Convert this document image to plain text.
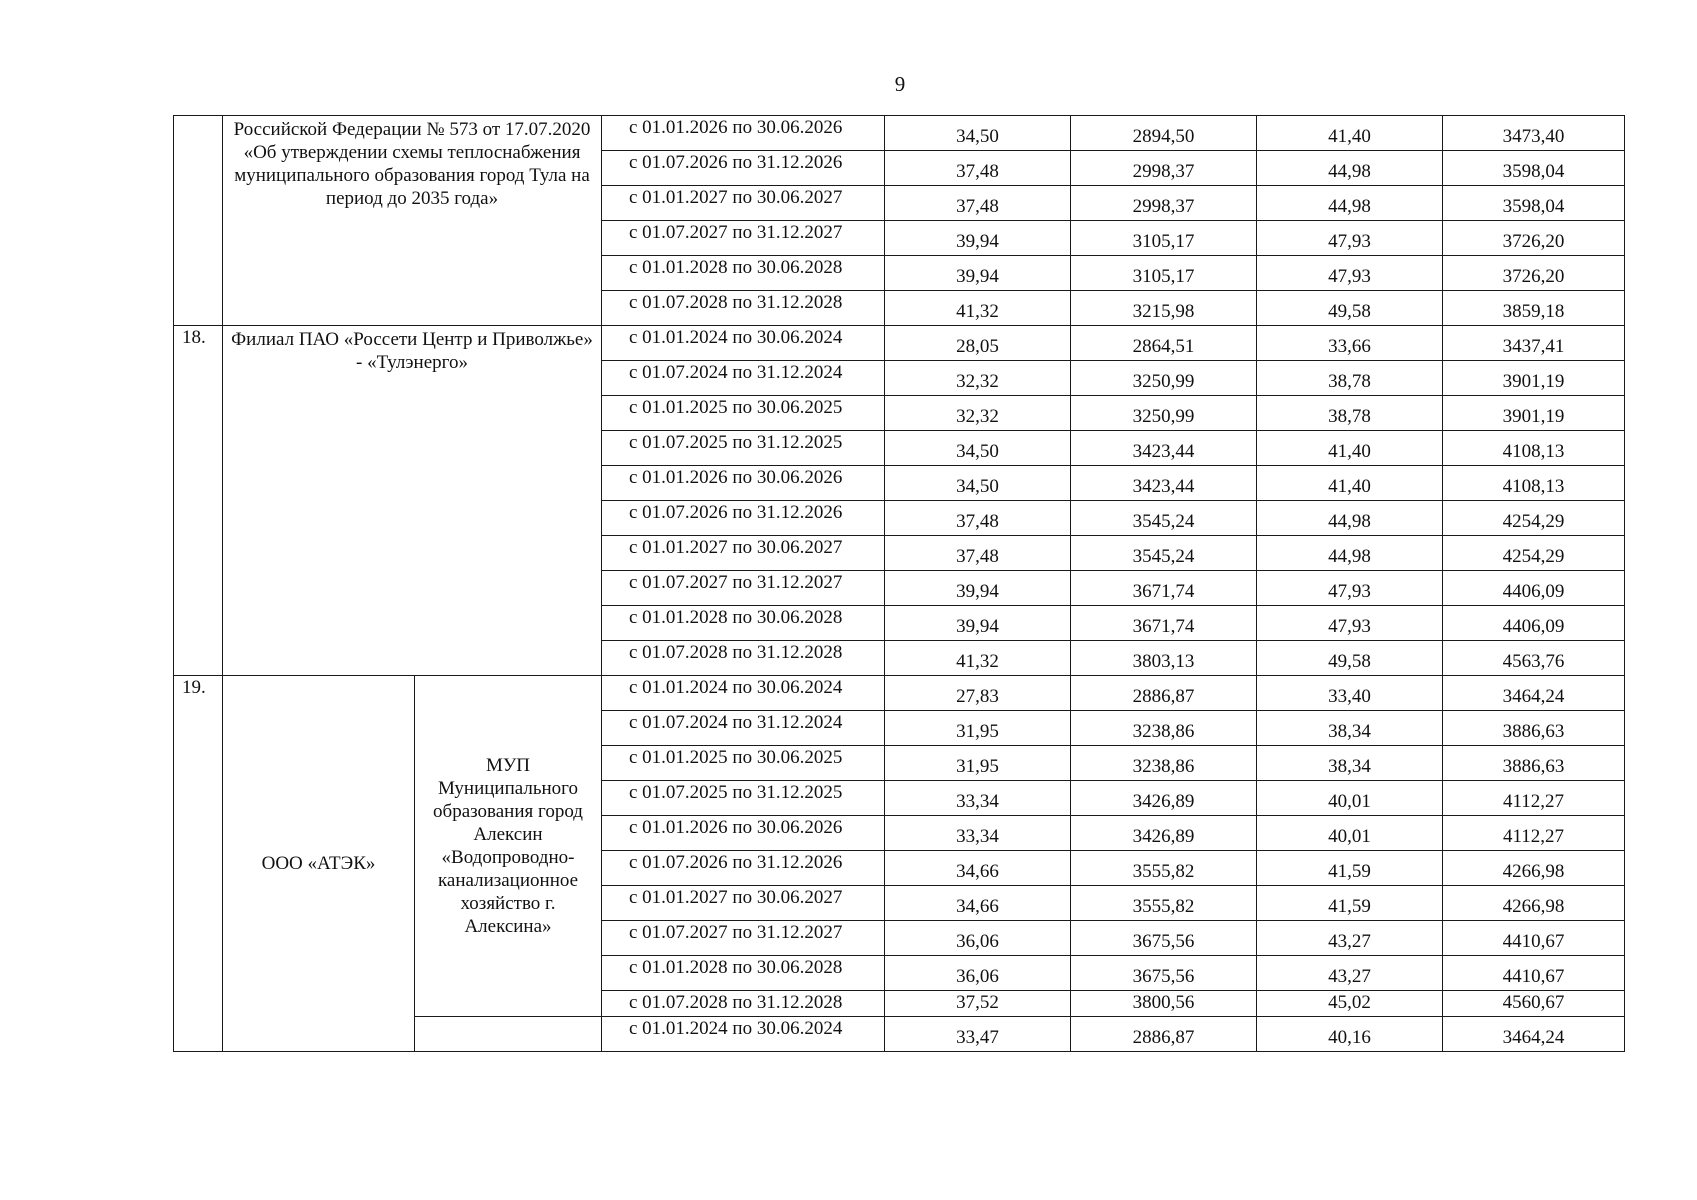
9

	Российской Федерации № 573 от 17.07.2020 «Об утверждении схемы теплоснабжения муниципального образования город Тула на период до 2035 года»		с 01.01.2026 по 30.06.2026	34,50	2894,50	41,40	3473,40
			с 01.07.2026 по 31.12.2026	37,48	2998,37	44,98	3598,04
			с 01.01.2027 по 30.06.2027	37,48	2998,37	44,98	3598,04
			с 01.07.2027 по 31.12.2027	39,94	3105,17	47,93	3726,20
			с 01.01.2028 по 30.06.2028	39,94	3105,17	47,93	3726,20
			с 01.07.2028 по 31.12.2028	41,32	3215,98	49,58	3859,18
18.	Филиал ПАО «Россети Центр и Приволжье» - «Тулэнерго»		с 01.01.2024 по 30.06.2024	28,05	2864,51	33,66	3437,41
			с 01.07.2024 по 31.12.2024	32,32	3250,99	38,78	3901,19
			с 01.01.2025 по 30.06.2025	32,32	3250,99	38,78	3901,19
			с 01.07.2025 по 31.12.2025	34,50	3423,44	41,40	4108,13
			с 01.01.2026 по 30.06.2026	34,50	3423,44	41,40	4108,13
			с 01.07.2026 по 31.12.2026	37,48	3545,24	44,98	4254,29
			с 01.01.2027 по 30.06.2027	37,48	3545,24	44,98	4254,29
			с 01.07.2027 по 31.12.2027	39,94	3671,74	47,93	4406,09
			с 01.01.2028 по 30.06.2028	39,94	3671,74	47,93	4406,09
			с 01.07.2028 по 31.12.2028	41,32	3803,13	49,58	4563,76
19.	ООО «АТЭК»	МУП Муниципального образования город Алексин «Водопроводно-канализационное хозяйство г. Алексина»	с 01.01.2024 по 30.06.2024	27,83	2886,87	33,40	3464,24
			с 01.07.2024 по 31.12.2024	31,95	3238,86	38,34	3886,63
			с 01.01.2025 по 30.06.2025	31,95	3238,86	38,34	3886,63
			с 01.07.2025 по 31.12.2025	33,34	3426,89	40,01	4112,27
			с 01.01.2026 по 30.06.2026	33,34	3426,89	40,01	4112,27
			с 01.07.2026 по 31.12.2026	34,66	3555,82	41,59	4266,98
			с 01.01.2027 по 30.06.2027	34,66	3555,82	41,59	4266,98
			с 01.07.2027 по 31.12.2027	36,06	3675,56	43,27	4410,67
			с 01.01.2028 по 30.06.2028	36,06	3675,56	43,27	4410,67
			с 01.07.2028 по 31.12.2028	37,52	3800,56	45,02	4560,67
			с 01.01.2024 по 30.06.2024	33,47	2886,87	40,16	3464,24
